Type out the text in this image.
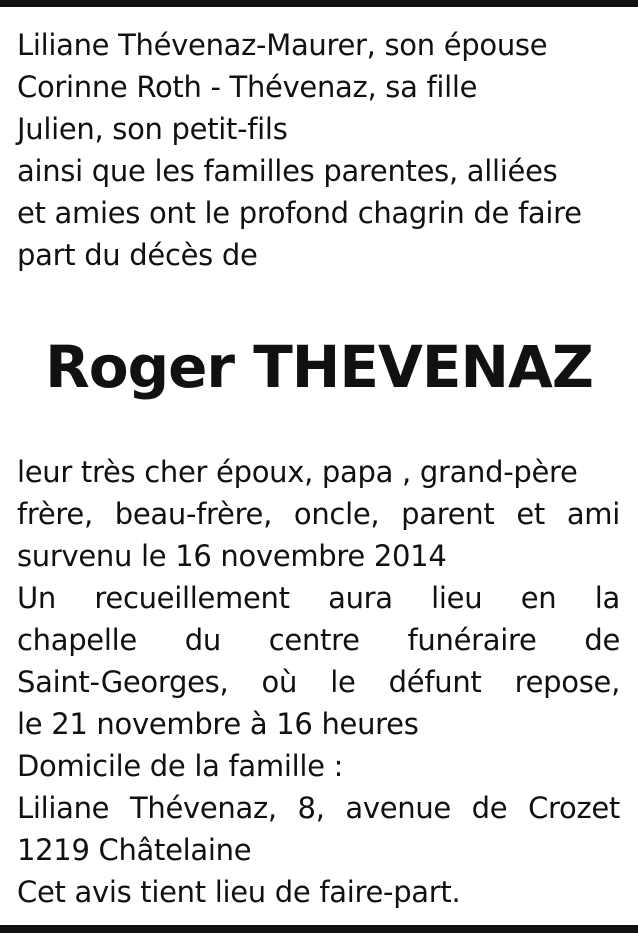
Liliane Thévenaz-Maurer, son épouse
Corinne Roth - Thévenaz, sa fille
Julien, son petit-fils
ainsi que les familles parentes, alliées
et amies ont le profond chagrin de faire
part du décès de
Roger THEVENAZ
leur très cher époux, papa , grand-père
frère, beau-frère, oncle, parent et ami
survenu le 16 novembre 2014
Un recueillement aura lieu en la
chapelle du centre funéraire de
Saint-Georges, où le défunt repose,
le 21 novembre à 16 heures
Domicile de la famille :
Liliane Thévenaz, 8, avenue de Crozet
1219 Châtelaine
Cet avis tient lieu de faire-part.
